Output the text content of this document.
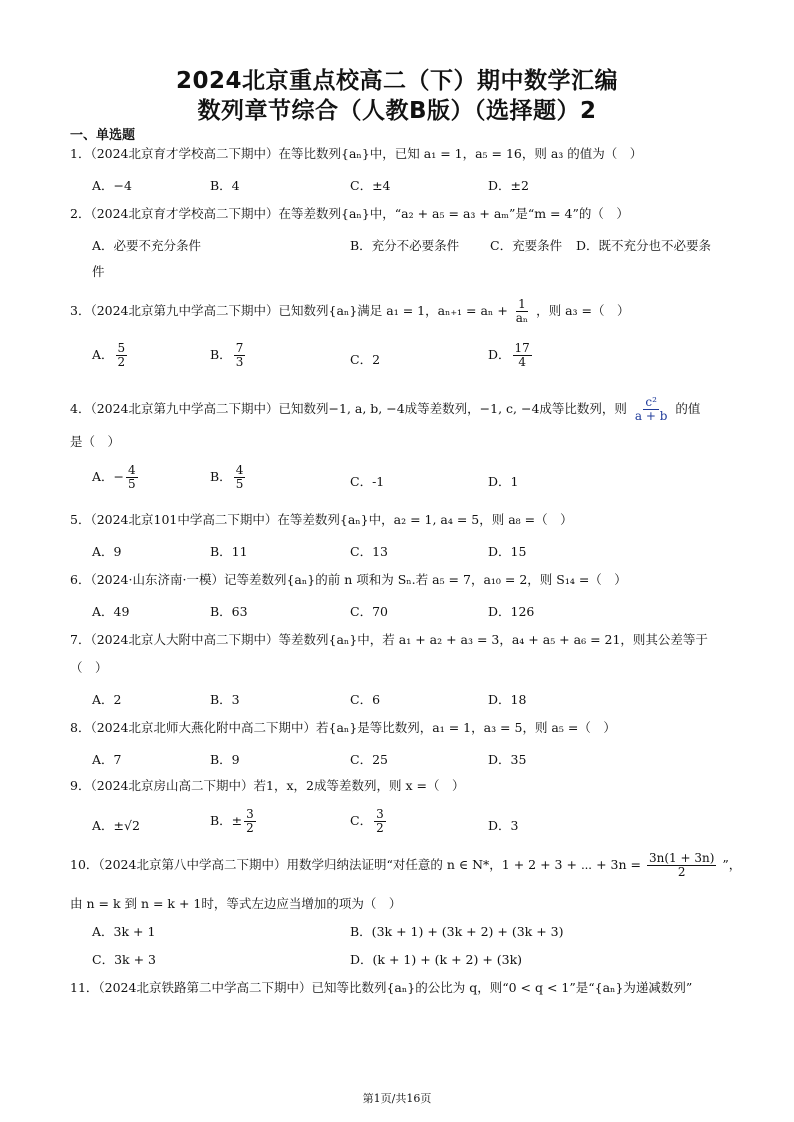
2024北京重点校高二（下）期中数学汇编
数列章节综合（人教B版）（选择题）2
一、单选题
1．（2024北京育才学校高二下期中）在等比数列{aₙ}中，已知 a₁ = 1，a₅ = 16，则 a₃ 的值为（　）
A．−4	B．4	C．±4	D．±2
2．（2024北京育才学校高二下期中）在等差数列{aₙ}中，“a₂ + a₅ = a₃ + aₘ”是“m = 4”的（　）
A．必要不充分条件	B．充分不必要条件 C．充要条件 D．既不充分也不必要条
件
3．（2024北京第九中学高二下期中）已知数列{aₙ}满足 a₁ = 1，$a_{n+1} = a_n + \frac{1}{\text{aₙ}}$ ，则 a₃ =（　）
A． $\frac{5}{2}$	B． $\frac{7}{3}$	C．2	D． $\frac{17}{4}$
4．（2024北京第九中学高二下期中）已知数列−1, a, b, −4成等差数列，−1, c, −4成等比数列，则 $\frac{\text{c²}}{a + b}$ 的值
是（　）
A．− $\frac{4}{5}$	B． $\frac{4}{5}$	C．-1	D．1
5．（2024北京101中学高二下期中）在等差数列{aₙ}中，a₂ = 1, a₄ = 5，则 a₈ =（　）
A．9	B．11	C．13	D．15
6．（2024·山东济南·一模）记等差数列{aₙ}的前 n 项和为 Sₙ.若 a₅ = 7，a₁₀ = 2，则 S₁₄ =（　）
A．49	B．63	C．70	D．126
7．（2024北京人大附中高二下期中）等差数列{aₙ}中，若 a₁ + a₂ + a₃ = 3，a₄ + a₅ + a₆ = 21，则其公差等于
（　）
A．2	B．3	C．6	D．18
8．（2024北京北师大燕化附中高二下期中）若{aₙ}是等比数列，a₁ = 1，a₃ = 5，则 a₅ =（　）
A．7	B．9	C．25	D．35
9．（2024北京房山高二下期中）若1，x，2成等差数列，则 x =（　）
A．±√2	B．± $\frac{3}{2}$	C． $\frac{3}{2}$	D．3
10．（2024北京第八中学高二下期中）用数学归纳法证明“对任意的 n ∈ N*，1 + 2 + 3 + ⋯ + $3n = \frac{3n(1 + 3n)}{2}$ ”，
由 n = k 到 n = k + 1时，等式左边应当增加的项为（　）
A．3k + 1	B．(3k + 1) + (3k + 2) + (3k + 3)
C．3k + 3	D．(k + 1) + (k + 2) + (3k)
11．（2024北京铁路第二中学高二下期中）已知等比数列{aₙ}的公比为 q，则“0 < q < 1”是“{aₙ}为递减数列”
第1页/共16页
